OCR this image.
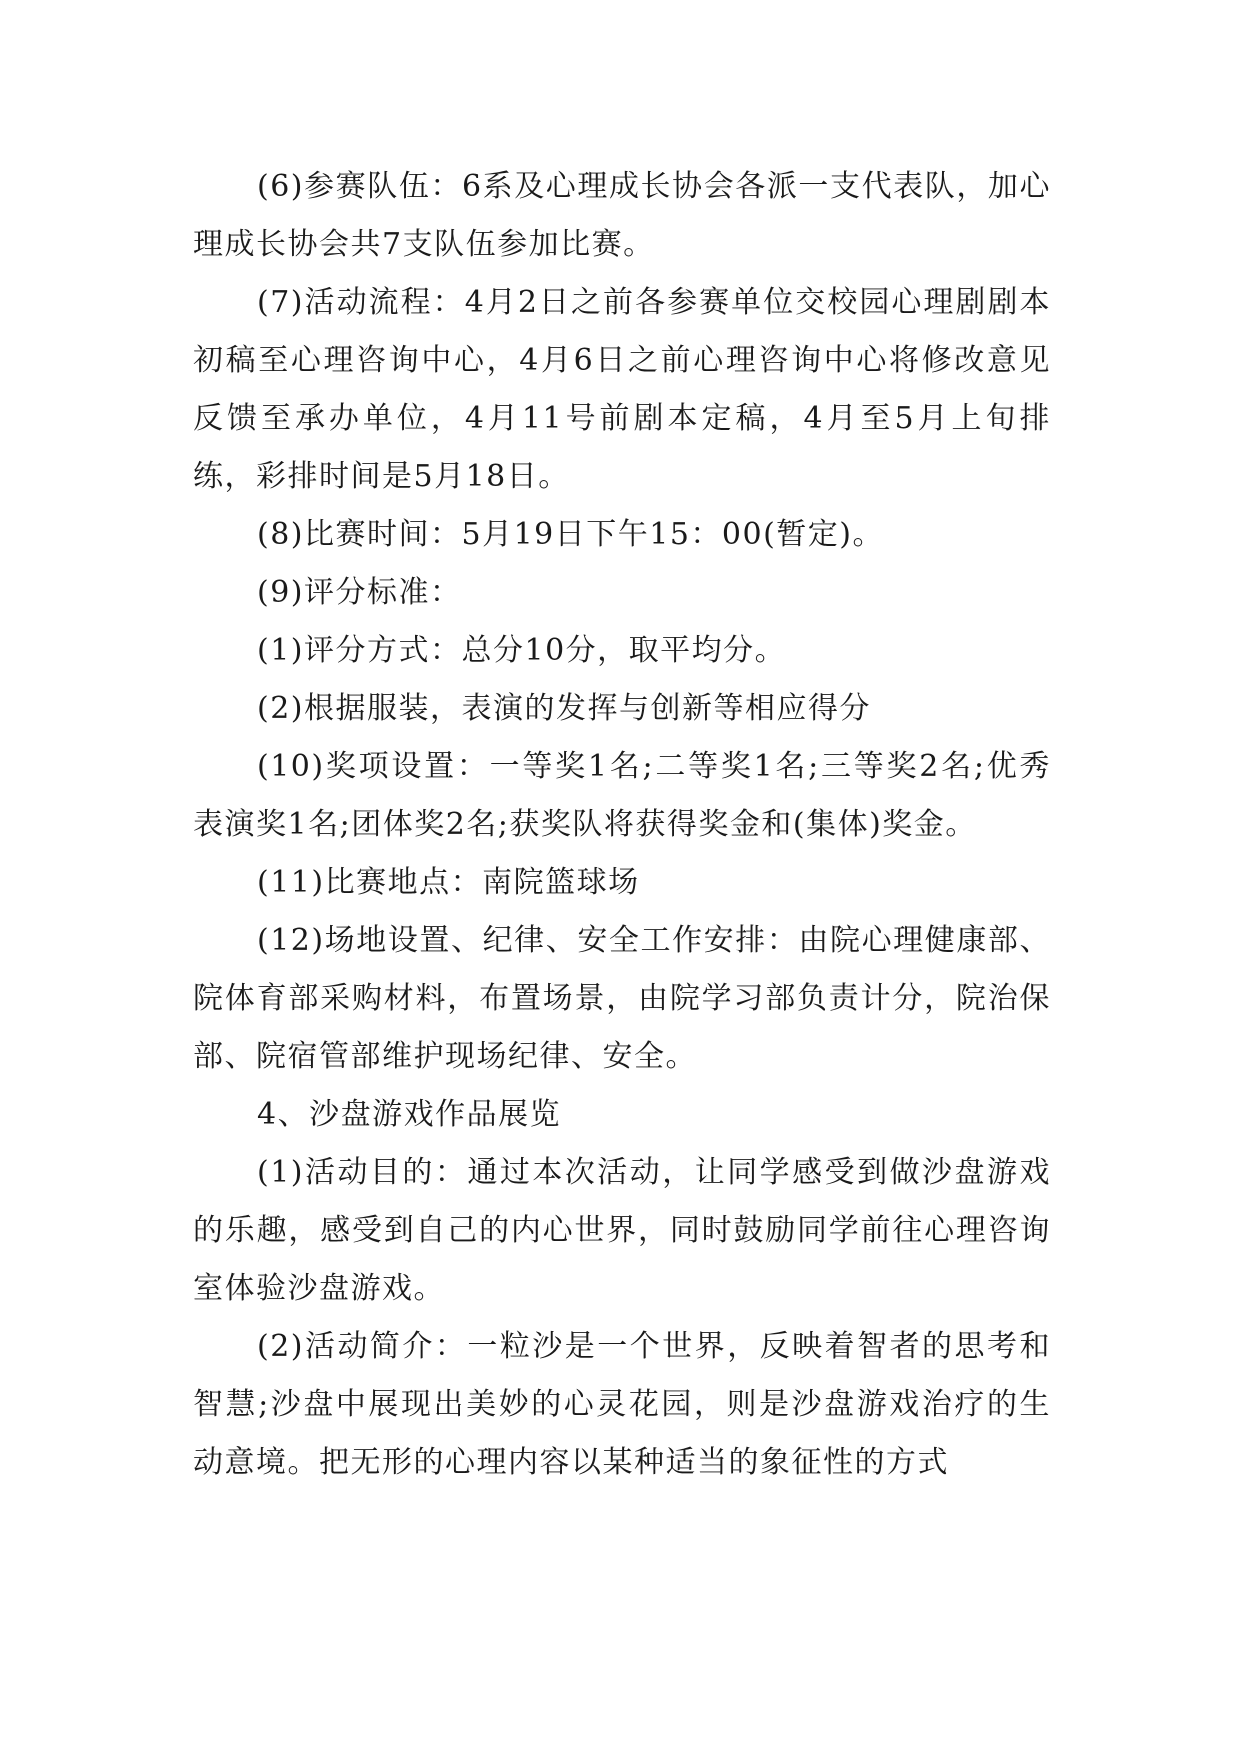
(6)参赛队伍：6系及心理成长协会各派一支代表队，加心理成长协会共7支队伍参加比赛。

(7)活动流程：4月2日之前各参赛单位交校园心理剧剧本初稿至心理咨询中心，4月6日之前心理咨询中心将修改意见反馈至承办单位，4月11号前剧本定稿，4月至5月上旬排练，彩排时间是5月18日。

(8)比赛时间：5月19日下午15：00(暂定)。

(9)评分标准：

(1)评分方式：总分10分，取平均分。

(2)根据服装，表演的发挥与创新等相应得分

(10)奖项设置：一等奖1名;二等奖1名;三等奖2名;优秀表演奖1名;团体奖2名;获奖队将获得奖金和(集体)奖金。

(11)比赛地点：南院篮球场

(12)场地设置、纪律、安全工作安排：由院心理健康部、院体育部采购材料，布置场景，由院学习部负责计分，院治保部、院宿管部维护现场纪律、安全。

4、沙盘游戏作品展览

(1)活动目的：通过本次活动，让同学感受到做沙盘游戏的乐趣，感受到自己的内心世界，同时鼓励同学前往心理咨询室体验沙盘游戏。

(2)活动简介：一粒沙是一个世界，反映着智者的思考和智慧;沙盘中展现出美妙的心灵花园，则是沙盘游戏治疗的生动意境。把无形的心理内容以某种适当的象征性的方式
